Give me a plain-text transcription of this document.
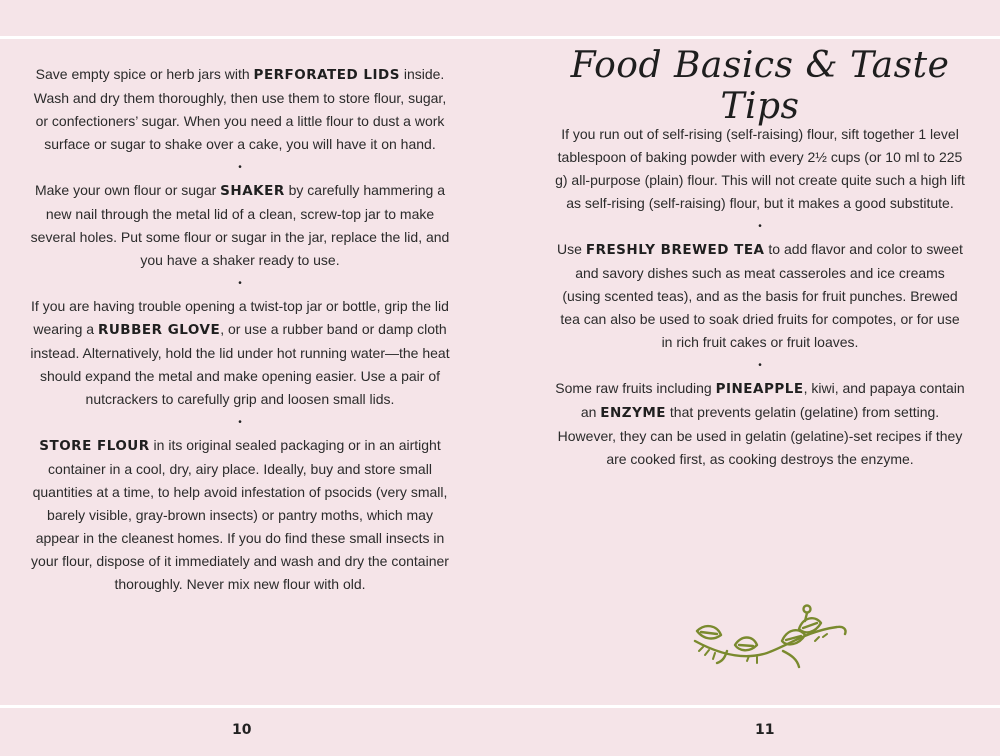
Save empty spice or herb jars with PERFORATED LIDS inside. Wash and dry them thoroughly, then use them to store flour, sugar, or confectioners’ sugar. When you need a little flour to dust a work surface or sugar to shake over a cake, you will have it on hand.

•

Make your own flour or sugar SHAKER by carefully hammering a new nail through the metal lid of a clean, screw-top jar to make several holes. Put some flour or sugar in the jar, replace the lid, and you have a shaker ready to use.

•

If you are having trouble opening a twist-top jar or bottle, grip the lid wearing a RUBBER GLOVE, or use a rubber band or damp cloth instead. Alternatively, hold the lid under hot running water—the heat should expand the metal and make opening easier. Use a pair of nutcrackers to carefully grip and loosen small lids.

•

STORE FLOUR in its original sealed packaging or in an airtight container in a cool, dry, airy place. Ideally, buy and store small quantities at a time, to help avoid infestation of psocids (very small, barely visible, gray-brown insects) or pantry moths, which may appear in the cleanest homes. If you do find these small insects in your flour, dispose of it immediately and wash and dry the container thoroughly. Never mix new flour with old.

Food Basics & Taste Tips

If you run out of self-rising (self-raising) flour, sift together 1 level tablespoon of baking powder with every 2½ cups (or 10 ml to 225 g) all-purpose (plain) flour. This will not create quite such a high lift as self-rising (self-raising) flour, but it makes a good substitute.

•

Use FRESHLY BREWED TEA to add flavor and color to sweet and savory dishes such as meat casseroles and ice creams (using scented teas), and as the basis for fruit punches. Brewed tea can also be used to soak dried fruits for compotes, or for use in rich fruit cakes or fruit loaves.

•

Some raw fruits including PINEAPPLE, kiwi, and papaya contain an ENZYME that prevents gelatin (gelatine) from setting. However, they can be used in gelatin (gelatine)-set recipes if they are cooked first, as cooking destroys the enzyme.

10	11
